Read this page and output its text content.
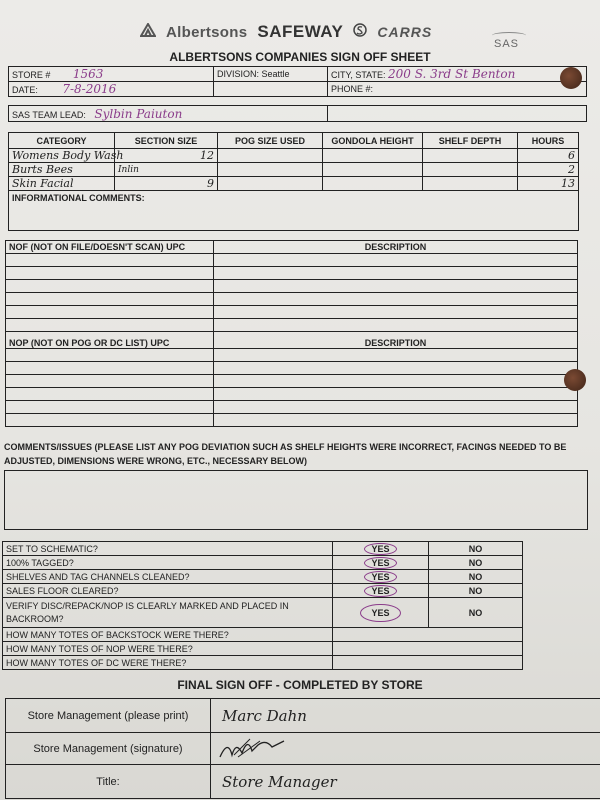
Albertsons SAFEWAY CARRS
SAS
ALBERTSONS COMPANIES SIGN OFF SHEET
STORE # 1563	DIVISION: Seattle	CITY, STATE: 200 S. 3rd St Benton
DATE: 7-8-2016		PHONE #:
SAS TEAM LEAD: Sylbin Paiuton	
CATEGORY	SECTION SIZE	POG SIZE USED	GONDOLA HEIGHT	SHELF DEPTH	HOURS
Womens Body Wash	12				6
Burts Bees	Inlin				2
Skin Facial	9				13
INFORMATIONAL COMMENTS:					
NOF (NOT ON FILE/DOESN'T SCAN) UPC	DESCRIPTION

NOP (NOT ON POG OR DC LIST) UPC	DESCRIPTION

COMMENTS/ISSUES (PLEASE LIST ANY POG DEVIATION SUCH AS SHELF HEIGHTS WERE INCORRECT, FACINGS NEEDED TO BE
ADJUSTED, DIMENSIONS WERE WRONG, ETC., NECESSARY BELOW)
SET TO SCHEMATIC?	YES	NO
100% TAGGED?	YES	NO
SHELVES AND TAG CHANNELS CLEANED?	YES	NO
SALES FLOOR CLEARED?	YES	NO

VERIFY DISC/REPACK/NOP IS CLEARLY MARKED AND PLACED IN
BACKROOM?	YES	NO
HOW MANY TOTES OF BACKSTOCK WERE THERE?		
HOW MANY TOTES OF NOP WERE THERE?		
HOW MANY TOTES OF DC WERE THERE?		
FINAL SIGN OFF - COMPLETED BY STORE
Store Management (please print)	Marc Dahn
Store Management (signature)	
Title:	Store Manager
